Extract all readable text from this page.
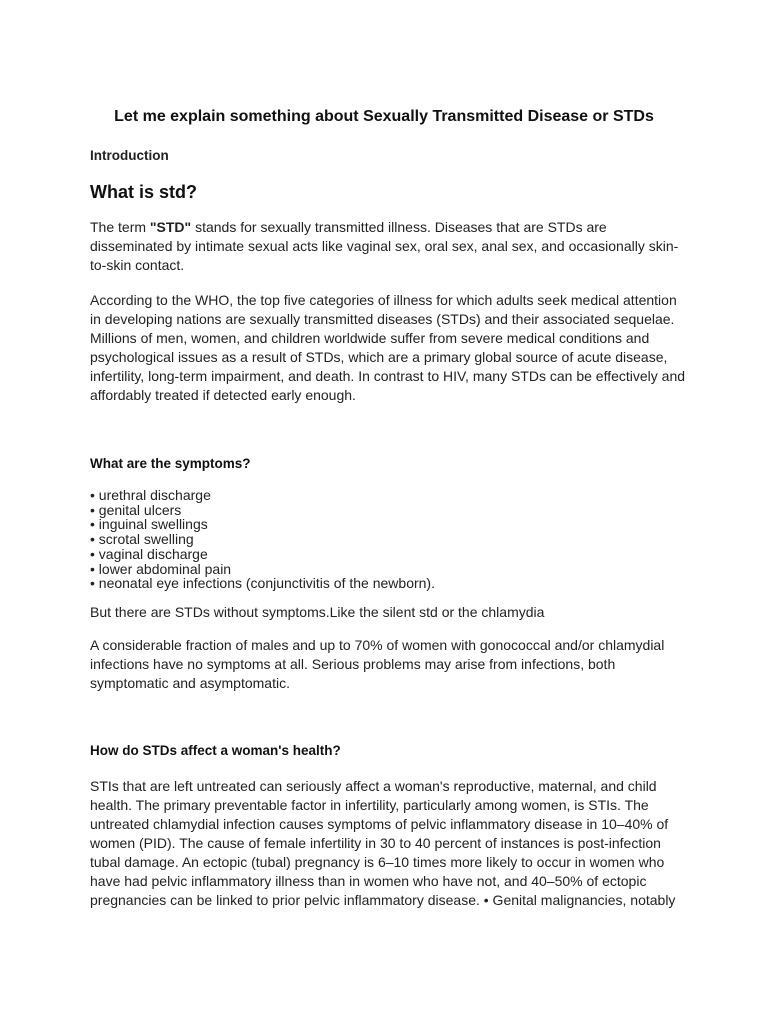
Let me explain something about Sexually Transmitted Disease or STDs
Introduction
What is std?
The term "STD" stands for sexually transmitted illness. Diseases that are STDs are disseminated by intimate sexual acts like vaginal sex, oral sex, anal sex, and occasionally skin-to-skin contact.
According to the WHO, the top five categories of illness for which adults seek medical attention in developing nations are sexually transmitted diseases (STDs) and their associated sequelae. Millions of men, women, and children worldwide suffer from severe medical conditions and psychological issues as a result of STDs, which are a primary global source of acute disease, infertility, long-term impairment, and death. In contrast to HIV, many STDs can be effectively and affordably treated if detected early enough.
What are the symptoms?
• urethral discharge
• genital ulcers
• inguinal swellings
• scrotal swelling
• vaginal discharge
• lower abdominal pain
• neonatal eye infections (conjunctivitis of the newborn).
But there are STDs without symptoms.Like the silent std or the chlamydia
A considerable fraction of males and up to 70% of women with gonococcal and/or chlamydial infections have no symptoms at all. Serious problems may arise from infections, both symptomatic and asymptomatic.
How do STDs affect a woman's health?
STIs that are left untreated can seriously affect a woman's reproductive, maternal, and child health. The primary preventable factor in infertility, particularly among women, is STIs. The untreated chlamydial infection causes symptoms of pelvic inflammatory disease in 10–40% of women (PID). The cause of female infertility in 30 to 40 percent of instances is post-infection tubal damage. An ectopic (tubal) pregnancy is 6–10 times more likely to occur in women who have had pelvic inflammatory illness than in women who have not, and 40–50% of ectopic pregnancies can be linked to prior pelvic inflammatory disease. • Genital malignancies, notably
